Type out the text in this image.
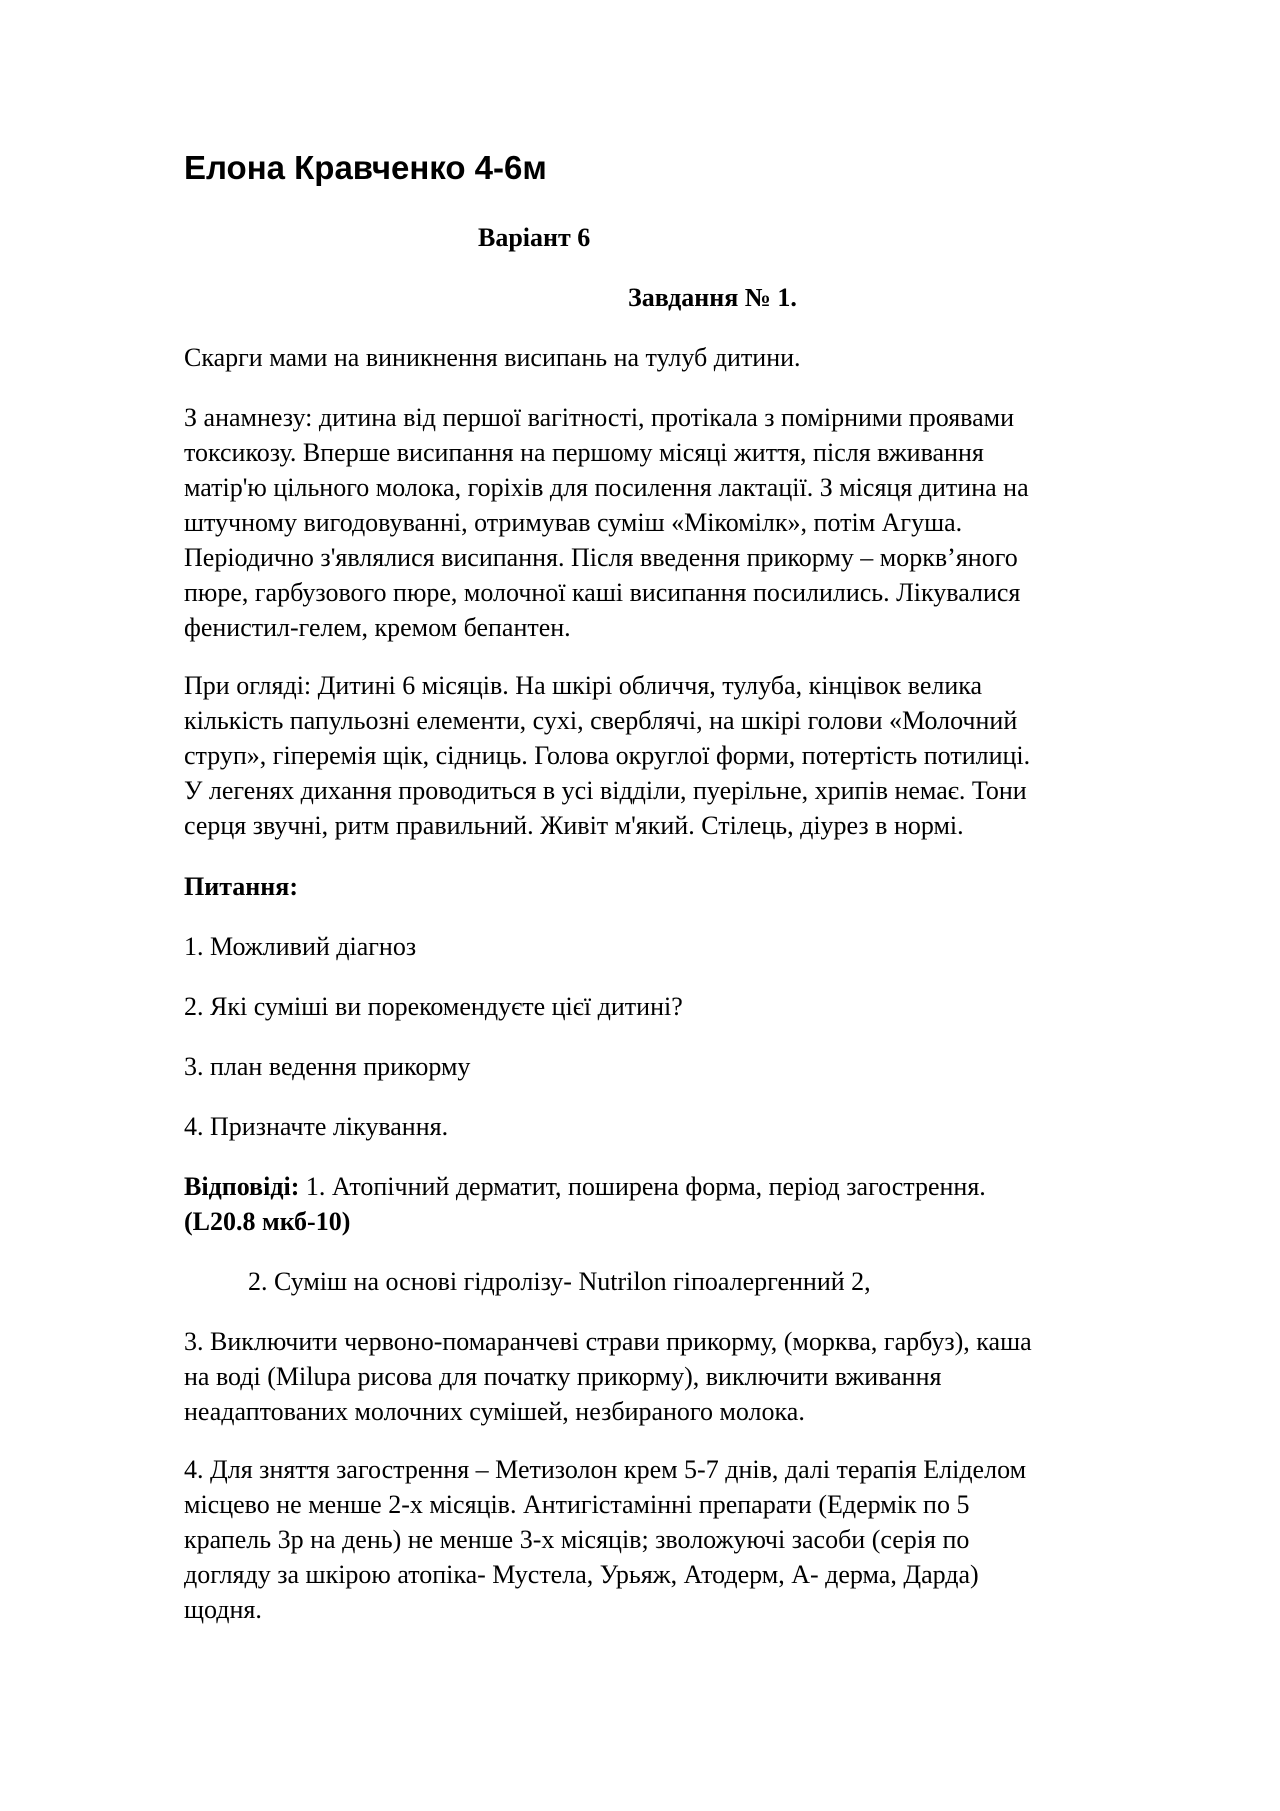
Елона Кравченко 4-6м
Варіант 6
Завдання № 1.
Скарги мами на виникнення висипань на тулуб дитини.
З анамнезу: дитина від першої вагітності, протікала з помірними проявами
токсикозу. Вперше висипання на першому місяці життя, після вживання
матір'ю цільного молока, горіхів для посилення лактації. З місяця дитина на
штучному вигодовуванні, отримував суміш «Мікомілк», потім Агуша.
Періодично з'являлися висипання. Після введення прикорму – морквʼяного
пюре, гарбузового пюре, молочної каші висипання посилились. Лікувалися
фенистил-гелем, кремом бепантен.
При огляді: Дитині 6 місяців. На шкірі обличчя, тулуба, кінцівок велика
кількість папульозні елементи, сухі, сверблячі, на шкірі голови «Молочний
струп», гіперемія щік, сідниць. Голова округлої форми, потертість потилиці.
У легенях дихання проводиться в усі відділи, пуерільне, хрипів немає. Тони
серця звучні, ритм правильний. Живіт м'який. Стілець, діурез в нормі.
Питання:
1. Можливий діагноз
2. Які суміші ви порекомендуєте цієї дитині?
3. план ведення прикорму
4. Призначте лікування.
Відповіді: 1. Атопічний дерматит, поширена форма, період загострення.
(L20.8 мкб-10)
2. Суміш на основі гідролізу- Nutrilon гіпоалергенний 2,
3. Виключити червоно-помаранчеві страви прикорму, (морква, гарбуз), каша
на воді (Milupa рисова для початку прикорму), виключити вживання
неадаптованих молочних сумішей, незбираного молока.
4. Для зняття загострення – Метизолон крем 5-7 днів, далі терапія Еліделом
місцево не менше 2-х місяців. Антигістамінні препарати (Едермік по 5
крапель 3р на день) не менше 3-х місяців; зволожуючі засоби (серія по
догляду за шкірою атопіка- Мустела, Урьяж, Атодерм, А- дерма, Дарда)
щодня.
